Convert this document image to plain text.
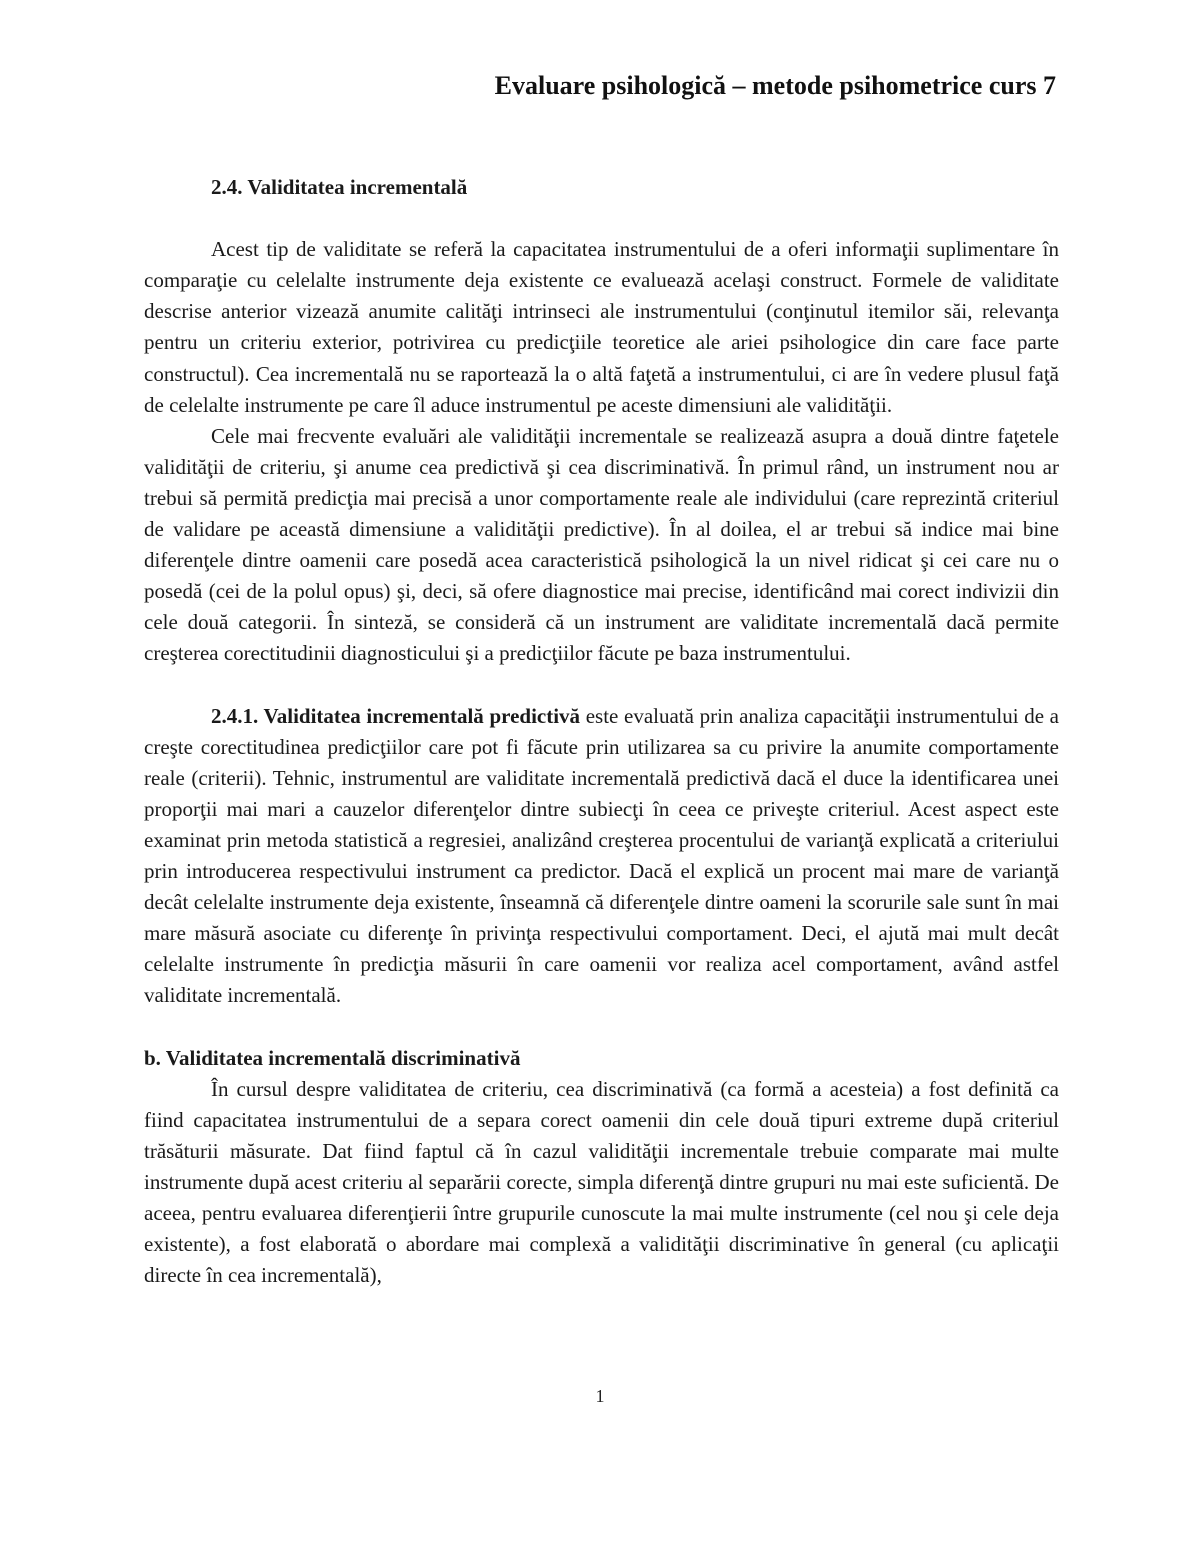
Evaluare psihologică – metode psihometrice curs 7

2.4. Validitatea incrementală

Acest tip de validitate se referă la capacitatea instrumentului de a oferi informaţii suplimentare în comparaţie cu celelalte instrumente deja existente ce evaluează acelaşi construct. Formele de validitate descrise anterior vizează anumite calităţi intrinseci ale instrumentului (conţinutul itemilor săi, relevanţa pentru un criteriu exterior, potrivirea cu predicţiile teoretice ale ariei psihologice din care face parte constructul). Cea incrementală nu se raportează la o altă faţetă a instrumentului, ci are în vedere plusul faţă de celelalte instrumente pe care îl aduce instrumentul pe aceste dimensiuni ale validităţii.

Cele mai frecvente evaluări ale validităţii incrementale se realizează asupra a două dintre faţetele validităţii de criteriu, şi anume cea predictivă şi cea discriminativă. În primul rând, un instrument nou ar trebui să permită predicţia mai precisă a unor comportamente reale ale individului (care reprezintă criteriul de validare pe această dimensiune a validităţii predictive). În al doilea, el ar trebui să indice mai bine diferenţele dintre oamenii care posedă acea caracteristică psihologică la un nivel ridicat şi cei care nu o posedă (cei de la polul opus) şi, deci, să ofere diagnostice mai precise, identificând mai corect indivizii din cele două categorii. În sinteză, se consideră că un instrument are validitate incrementală dacă permite creşterea corectitudinii diagnosticului şi a predicţiilor făcute pe baza instrumentului.

2.4.1. Validitatea incrementală predictivă este evaluată prin analiza capacităţii instrumentului de a creşte corectitudinea predicţiilor care pot fi făcute prin utilizarea sa cu privire la anumite comportamente reale (criterii). Tehnic, instrumentul are validitate incrementală predictivă dacă el duce la identificarea unei proporţii mai mari a cauzelor diferenţelor dintre subiecţi în ceea ce priveşte criteriul. Acest aspect este examinat prin metoda statistică a regresiei, analizând creşterea procentului de varianţă explicată a criteriului prin introducerea respectivului instrument ca predictor. Dacă el explică un procent mai mare de varianţă decât celelalte instrumente deja existente, înseamnă că diferenţele dintre oameni la scorurile sale sunt în mai mare măsură asociate cu diferenţe în privinţa respectivului comportament. Deci, el ajută mai mult decât celelalte instrumente în predicţia măsurii în care oamenii vor realiza acel comportament, având astfel validitate incrementală.

b. Validitatea incrementală discriminativă

În cursul despre validitatea de criteriu, cea discriminativă (ca formă a acesteia) a fost definită ca fiind capacitatea instrumentului de a separa corect oamenii din cele două tipuri extreme după criteriul trăsăturii măsurate. Dat fiind faptul că în cazul validităţii incrementale trebuie comparate mai multe instrumente după acest criteriu al separării corecte, simpla diferenţă dintre grupuri nu mai este suficientă. De aceea, pentru evaluarea diferenţierii între grupurile cunoscute la mai multe instrumente (cel nou şi cele deja existente), a fost elaborată o abordare mai complexă a validităţii discriminative în general (cu aplicaţii directe în cea incrementală),

1
